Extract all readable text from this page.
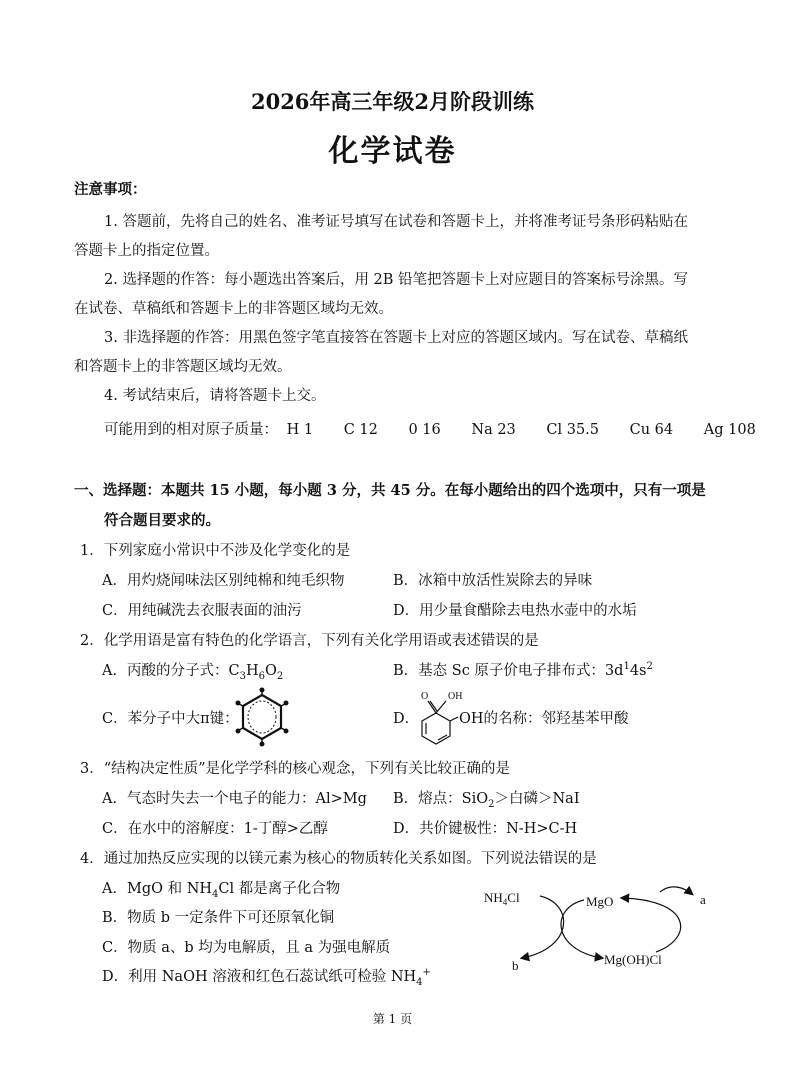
2026年高三年级2月阶段训练
化学试卷
注意事项：
1. 答题前，先将自己的姓名、准考证号填写在试卷和答题卡上，并将准考证号条形码粘贴在
答题卡上的指定位置。
2. 选择题的作答：每小题选出答案后，用 2B 铅笔把答题卡上对应题目的答案标号涂黑。写
在试卷、草稿纸和答题卡上的非答题区域均无效。
3. 非选择题的作答：用黑色签字笔直接答在答题卡上对应的答题区域内。写在试卷、草稿纸
和答题卡上的非答题区域均无效。
4. 考试结束后，请将答题卡上交。
可能用到的相对原子质量： H 1 C 12 0 16 Na 23 Cl 35.5 Cu 64 Ag 108
一、选择题：本题共 15 小题，每小题 3 分，共 45 分。在每小题给出的四个选项中，只有一项是
符合题目要求的。
1．下列家庭小常识中不涉及化学变化的是
A．用灼烧闻味法区别纯棉和纯毛织物	B．冰箱中放活性炭除去的异味
C．用纯碱洗去衣服表面的油污	D．用少量食醋除去电热水壶中的水垢
2．化学用语是富有特色的化学语言，下列有关化学用语或表述错误的是
A．丙酸的分子式：$C_3H_6O_2$	B．基态 Sc 原子价电子排布式：$3d^14s^2$
C．苯分子中大π键：	D．
O OH
OH的名称：邻羟基苯甲酸
3．“结构决定性质”是化学学科的核心观念，下列有关比较正确的是
A．气态时失去一个电子的能力：Al>Mg B．熔点：SiO$_2$＞白磷＞NaI
C．在水中的溶解度：1-丁醇>乙醇	D．共价键极性：N-H>C-H
4．通过加热反应实现的以镁元素为核心的物质转化关系如图。下列说法错误的是
A．MgO 和 $NH_4Cl$ 都是离子化合物
B．物质 b 一定条件下可还原氧化铜
C．物质 a、b 均为电解质，且 a 为强电解质
D．利用 NaOH 溶液和红色石蕊试纸可检验 $NH_4^+$
$NH_4Cl$	MgO	a
b	Mg(OH)Cl
第 1 页
